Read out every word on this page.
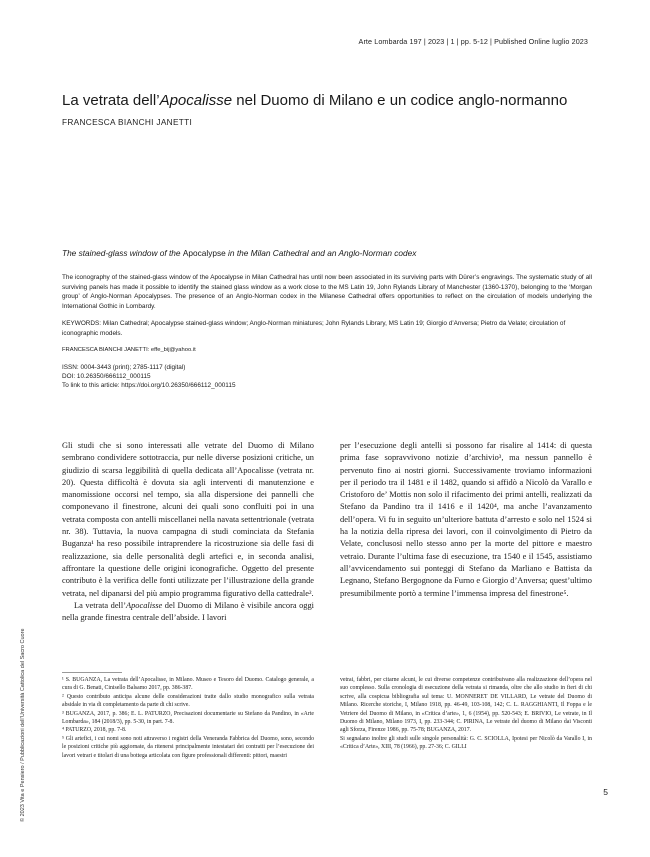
Arte Lombarda 197 | 2023 | 1 | pp. 5-12 | Published Online luglio 2023
La vetrata dell’Apocalisse nel Duomo di Milano e un codice anglo-normanno
FRANCESCA BIANCHI JANETTI

The stained-glass window of the Apocalypse in the Milan Cathedral and an Anglo-Norman codex

The iconography of the stained-glass window of the Apocalypse in Milan Cathedral has until now been associated in its surviving parts with Dürer’s engravings. The systematic study of all surviving panels has made it possible to identify the stained glass window as a work close to the MS Latin 19, John Rylands Library of Manchester (1360-1370), belonging to the ‘Morgan group’ of Anglo-Norman Apocalypses. The presence of an Anglo-Norman codex in the Milanese Cathedral offers opportunities to reflect on the circulation of models underlying the International Gothic in Lombardy.

KEYWORDS: Milan Cathedral; Apocalypse stained-glass window; Anglo-Norman miniatures; John Rylands Library, MS Latin 19; Giorgio d’Anversa; Pietro da Velate; circulation of iconographic models.

FRANCESCA BIANCHI JANETTI: effe_bij@yahoo.it

ISSN: 0004-3443 (print); 2785-1117 (digital)
DOI: 10.26350/666112_000115
To link to this article: https://doi.org/10.26350/666112_000115

Gli studi che si sono interessati alle vetrate del Duomo di Milano sembrano condividere sottotraccia, pur nelle diverse posizioni critiche, un giudizio di scarsa leggibilità di quella dedicata all’Apocalisse (vetrata nr. 20). Questa difficoltà è dovuta sia agli interventi di manutenzione e manomissione occorsi nel tempo, sia alla dispersione dei pannelli che componevano il finestrone, alcuni dei quali sono confluiti poi in una vetrata composta con antelli miscellanei nella navata settentrionale (vetrata nr. 38). Tuttavia, la nuova campagna di studi cominciata da Stefania Buganza¹ ha reso possibile intraprendere la ricostruzione sia delle fasi di realizzazione, sia delle personalità degli artefici e, in seconda analisi, affrontare la questione delle origini iconografiche. Oggetto del presente contributo è la verifica delle fonti utilizzate per l’illustrazione della grande vetrata, nel dipanarsi del più ampio programma figurativo della cattedrale².

La vetrata dell’Apocalisse del Duomo di Milano è visibile ancora oggi nella grande finestra centrale dell’abside. I lavori

per l’esecuzione degli antelli si possono far risalire al 1414: di questa prima fase sopravvivono notizie d’archivio³, ma nessun pannello è pervenuto fino ai nostri giorni. Successivamente troviamo informazioni per il periodo tra il 1481 e il 1482, quando si affidò a Nicolò da Varallo e Cristoforo de’ Mottis non solo il rifacimento dei primi antelli, realizzati da Stefano da Pandino tra il 1416 e il 1420⁴, ma anche l’avanzamento dell’opera. Vi fu in seguito un’ulteriore battuta d’arresto e solo nel 1524 si ha la notizia della ripresa dei lavori, con il coinvolgimento di Pietro da Velate, conclusosi nello stesso anno per la morte del pittore e maestro vetraio. Durante l’ultima fase di esecuzione, tra 1540 e il 1545, assistiamo all’avvicendamento sui ponteggi di Stefano da Marliano e Battista da Legnano, Stefano Bergognone da Furno e Giorgio d’Anversa; quest’ultimo presumibilmente portò a termine l’immensa impresa del finestrone⁵.

¹ S. BUGANZA, La vetrata dell’Apocalisse, in Milano. Museo e Tesoro del Duomo. Catalogo generale, a cura di G. Benati, Cinisello Balsamo 2017, pp. 386-387.

² Questo contributo anticipa alcune delle considerazioni tratte dallo studio monografico sulla vetrata absidale in via di completamento da parte di chi scrive.

³ BUGANZA, 2017, p. 386; E. L. PATURZO, Precisazioni documentarie su Stefano da Pandino, in «Arte Lombarda», 184 (2018/3), pp. 5-30, in part. 7-8.

⁴ PATURZO, 2018, pp. 7-8.

⁵ Gli artefici, i cui nomi sono noti attraverso i registri della Veneranda Fabbrica del Duomo, sono, secondo le posizioni critiche più aggiornate, da ritenersi principalmente intestatari dei contratti per l’esecuzione dei lavori vetrari e titolari di una bottega articolata con figure professionali differenti: pittori, maestri

vetrai, fabbri, per citarne alcuni, le cui diverse competenze contribuivano alla realizzazione dell’opera nel suo complesso. Sulla cronologia di esecuzione della vetrata si rimanda, oltre che allo studio in fieri di chi scrive, alla cospicua bibliografia sul tema: U. MONNERET DE VILLARD, Le vetrate del Duomo di Milano. Ricerche storiche, I, Milano 1918, pp. 46-49, 103-108, 142; C. L. RAGGHIANTI, Il Foppa e le Vetriere del Duomo di Milano, in «Critica d’arte», 1, 6 (1954), pp. 520-543; E. BRIVIO, Le vetrate, in Il Duomo di Milano, Milano 1973, I, pp. 233-344; C. PIRINA, Le vetrate del duomo di Milano dai Visconti agli Sforza, Firenze 1986, pp. 75-78; BUGANZA, 2017.

Si segnalano inoltre gli studi sulle singole personalità: G. C. SCIOLLA, Ipotesi per Nicolò da Varallo I, in «Critica d’Arte», XIII, 78 (1966), pp. 27-36; C. GILLI

5
© 2023 Vita e Pensiero / Pubblicazioni dell’Università Cattolica del Sacro Cuore
